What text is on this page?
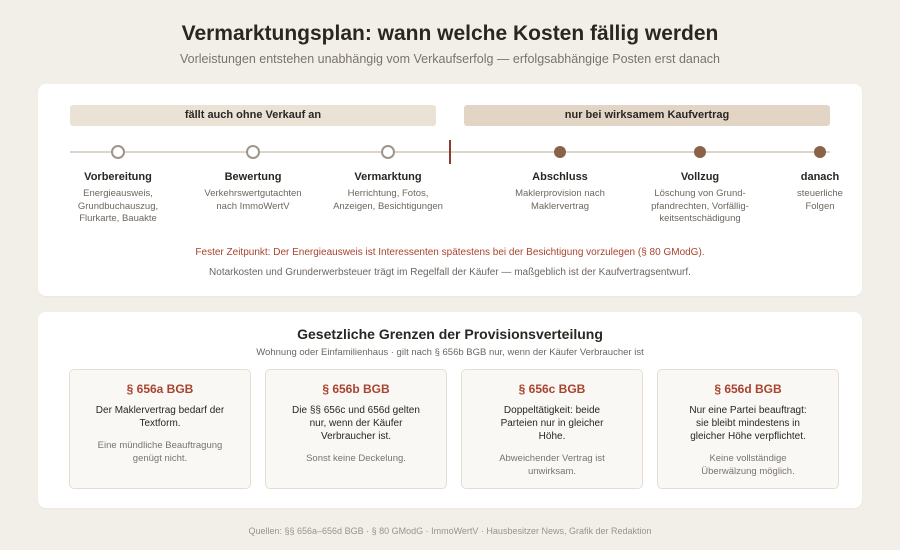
Vermarktungsplan: wann welche Kosten fällig werden
Vorleistungen entstehen unabhängig vom Verkaufserfolg — erfolgsabhängige Posten erst danach
fällt auch ohne Verkauf an	nur bei wirksamem Kaufvertrag
Vorbereitung
Energieausweis,
Grundbuchauszug,
Flurkarte, Bauakte
Bewertung
Verkehrswertgutachten
nach ImmoWertV
Vermarktung
Herrichtung, Fotos,
Anzeigen, Besichtigungen
Abschluss
Maklerprovision nach
Maklervertrag
Vollzug
Löschung von Grund-
pfandrechten, Vorfällig-
keitsentschädigung
danach
steuerliche
Folgen
Fester Zeitpunkt: Der Energieausweis ist Interessenten spätestens bei der Besichtigung vorzulegen (§ 80 GModG).
Notarkosten und Grunderwerbsteuer trägt im Regelfall der Käufer — maßgeblich ist der Kaufvertragsentwurf.
Gesetzliche Grenzen der Provisionsverteilung
Wohnung oder Einfamilienhaus · gilt nach § 656b BGB nur, wenn der Käufer Verbraucher ist
§ 656a BGB
Der Maklervertrag bedarf der Textform.
Eine mündliche Beauftragung genügt nicht.
§ 656b BGB
Die §§ 656c und 656d gelten nur, wenn der Käufer Verbraucher ist.
Sonst keine Deckelung.
§ 656c BGB
Doppeltätigkeit: beide Parteien nur in gleicher Höhe.
Abweichender Vertrag ist unwirksam.
§ 656d BGB
Nur eine Partei beauftragt: sie bleibt mindestens in gleicher Höhe verpflichtet.
Keine vollständige Überwälzung möglich.
Quellen: §§ 656a–656d BGB · § 80 GModG · ImmoWertV · Hausbesitzer News, Grafik der Redaktion
